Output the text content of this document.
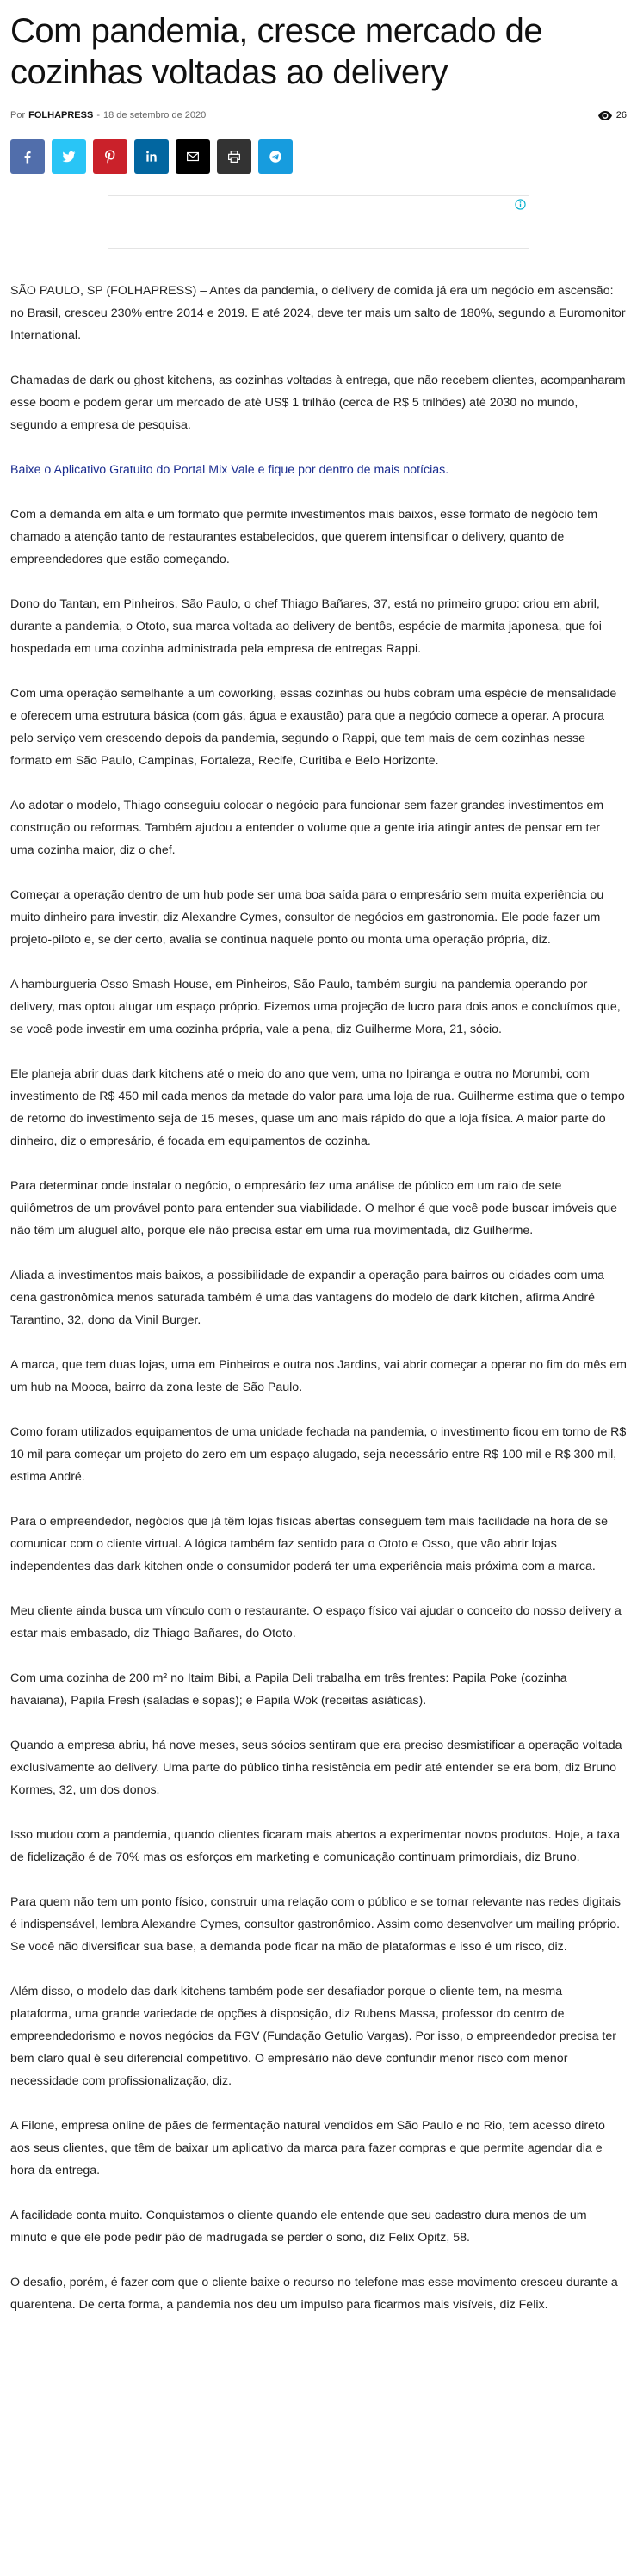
Com pandemia, cresce mercado de cozinhas voltadas ao delivery
Por FOLHAPRESS - 18 de setembro de 2020	26

SÃO PAULO, SP (FOLHAPRESS) – Antes da pandemia, o delivery de comida já era um negócio em ascensão: no Brasil, cresceu 230% entre 2014 e 2019. E até 2024, deve ter mais um salto de 180%, segundo a Euromonitor International.

Chamadas de dark ou ghost kitchens, as cozinhas voltadas à entrega, que não recebem clientes, acompanharam esse boom e podem gerar um mercado de até US$ 1 trilhão (cerca de R$ 5 trilhões) até 2030 no mundo, segundo a empresa de pesquisa.

Baixe o Aplicativo Gratuito do Portal Mix Vale e fique por dentro de mais notícias.

Com a demanda em alta e um formato que permite investimentos mais baixos, esse formato de negócio tem chamado a atenção tanto de restaurantes estabelecidos, que querem intensificar o delivery, quanto de empreendedores que estão começando.

Dono do Tantan, em Pinheiros, São Paulo, o chef Thiago Bañares, 37, está no primeiro grupo: criou em abril, durante a pandemia, o Ototo, sua marca voltada ao delivery de bentôs, espécie de marmita japonesa, que foi hospedada em uma cozinha administrada pela empresa de entregas Rappi.

Com uma operação semelhante a um coworking, essas cozinhas ou hubs cobram uma espécie de mensalidade e oferecem uma estrutura básica (com gás, água e exaustão) para que a negócio comece a operar. A procura pelo serviço vem crescendo depois da pandemia, segundo o Rappi, que tem mais de cem cozinhas nesse formato em São Paulo, Campinas, Fortaleza, Recife, Curitiba e Belo Horizonte.

Ao adotar o modelo, Thiago conseguiu colocar o negócio para funcionar sem fazer grandes investimentos em construção ou reformas. Também ajudou a entender o volume que a gente iria atingir antes de pensar em ter uma cozinha maior, diz o chef.

Começar a operação dentro de um hub pode ser uma boa saída para o empresário sem muita experiência ou muito dinheiro para investir, diz Alexandre Cymes, consultor de negócios em gastronomia. Ele pode fazer um projeto-piloto e, se der certo, avalia se continua naquele ponto ou monta uma operação própria, diz.

A hamburgueria Osso Smash House, em Pinheiros, São Paulo, também surgiu na pandemia operando por delivery, mas optou alugar um espaço próprio. Fizemos uma projeção de lucro para dois anos e concluímos que, se você pode investir em uma cozinha própria, vale a pena, diz Guilherme Mora, 21, sócio.

Ele planeja abrir duas dark kitchens até o meio do ano que vem, uma no Ipiranga e outra no Morumbi, com investimento de R$ 450 mil cada menos da metade do valor para uma loja de rua. Guilherme estima que o tempo de retorno do investimento seja de 15 meses, quase um ano mais rápido do que a loja física. A maior parte do dinheiro, diz o empresário, é focada em equipamentos de cozinha.

Para determinar onde instalar o negócio, o empresário fez uma análise de público em um raio de sete quilômetros de um provável ponto para entender sua viabilidade. O melhor é que você pode buscar imóveis que não têm um aluguel alto, porque ele não precisa estar em uma rua movimentada, diz Guilherme.

Aliada a investimentos mais baixos, a possibilidade de expandir a operação para bairros ou cidades com uma cena gastronômica menos saturada também é uma das vantagens do modelo de dark kitchen, afirma André Tarantino, 32, dono da Vinil Burger.

A marca, que tem duas lojas, uma em Pinheiros e outra nos Jardins, vai abrir começar a operar no fim do mês em um hub na Mooca, bairro da zona leste de São Paulo.

Como foram utilizados equipamentos de uma unidade fechada na pandemia, o investimento ficou em torno de R$ 10 mil para começar um projeto do zero em um espaço alugado, seja necessário entre R$ 100 mil e R$ 300 mil, estima André.

Para o empreendedor, negócios que já têm lojas físicas abertas conseguem tem mais facilidade na hora de se comunicar com o cliente virtual. A lógica também faz sentido para o Ototo e Osso, que vão abrir lojas independentes das dark kitchen onde o consumidor poderá ter uma experiência mais próxima com a marca.

Meu cliente ainda busca um vínculo com o restaurante. O espaço físico vai ajudar o conceito do nosso delivery a estar mais embasado, diz Thiago Bañares, do Ototo.

Com uma cozinha de 200 m² no Itaim Bibi, a Papila Deli trabalha em três frentes: Papila Poke (cozinha havaiana), Papila Fresh (saladas e sopas); e Papila Wok (receitas asiáticas).

Quando a empresa abriu, há nove meses, seus sócios sentiram que era preciso desmistificar a operação voltada exclusivamente ao delivery. Uma parte do público tinha resistência em pedir até entender se era bom, diz Bruno Kormes, 32, um dos donos.

Isso mudou com a pandemia, quando clientes ficaram mais abertos a experimentar novos produtos. Hoje, a taxa de fidelização é de 70% mas os esforços em marketing e comunicação continuam primordiais, diz Bruno.

Para quem não tem um ponto físico, construir uma relação com o público e se tornar relevante nas redes digitais é indispensável, lembra Alexandre Cymes, consultor gastronômico. Assim como desenvolver um mailing próprio. Se você não diversificar sua base, a demanda pode ficar na mão de plataformas e isso é um risco, diz.

Além disso, o modelo das dark kitchens também pode ser desafiador porque o cliente tem, na mesma plataforma, uma grande variedade de opções à disposição, diz Rubens Massa, professor do centro de empreendedorismo e novos negócios da FGV (Fundação Getulio Vargas). Por isso, o empreendedor precisa ter bem claro qual é seu diferencial competitivo. O empresário não deve confundir menor risco com menor necessidade com profissionalização, diz.

A Filone, empresa online de pães de fermentação natural vendidos em São Paulo e no Rio, tem acesso direto aos seus clientes, que têm de baixar um aplicativo da marca para fazer compras e que permite agendar dia e hora da entrega.

A facilidade conta muito. Conquistamos o cliente quando ele entende que seu cadastro dura menos de um minuto e que ele pode pedir pão de madrugada se perder o sono, diz Felix Opitz, 58.

O desafio, porém, é fazer com que o cliente baixe o recurso no telefone mas esse movimento cresceu durante a quarentena. De certa forma, a pandemia nos deu um impulso para ficarmos mais visíveis, diz Felix.
